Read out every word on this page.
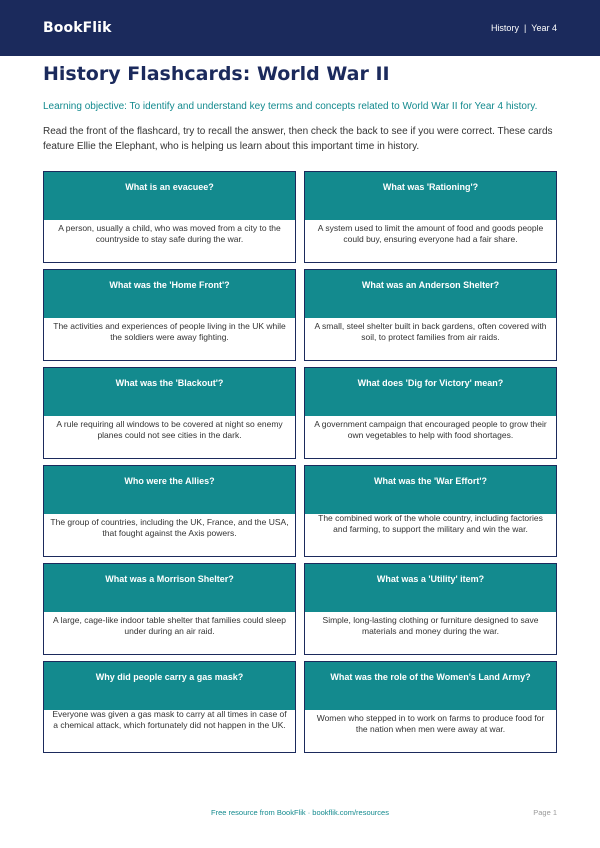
BookFlik	History | Year 4
History Flashcards: World War II

Learning objective: To identify and understand key terms and concepts related to World War II for Year 4 history.

Read the front of the flashcard, try to recall the answer, then check the back to see if you were correct. These cards feature Ellie the Elephant, who is helping us learn about this important time in history.

What is an evacuee?
A person, usually a child, who was moved from a city to the countryside to stay safe during the war.
What was 'Rationing'?
A system used to limit the amount of food and goods people could buy, ensuring everyone had a fair share.
What was the 'Home Front'?
The activities and experiences of people living in the UK while the soldiers were away fighting.
What was an Anderson Shelter?
A small, steel shelter built in back gardens, often covered with soil, to protect families from air raids.
What was the 'Blackout'?
A rule requiring all windows to be covered at night so enemy planes could not see cities in the dark.
What does 'Dig for Victory' mean?
A government campaign that encouraged people to grow their own vegetables to help with food shortages.
Who were the Allies?
The group of countries, including the UK, France, and the USA, that fought against the Axis powers.
What was the 'War Effort'?
The combined work of the whole country, including factories and farming, to support the military and win the war.
What was a Morrison Shelter?
A large, cage-like indoor table shelter that families could sleep under during an air raid.
What was a 'Utility' item?
Simple, long-lasting clothing or furniture designed to save materials and money during the war.
Why did people carry a gas mask?
Everyone was given a gas mask to carry at all times in case of a chemical attack, which fortunately did not happen in the UK.
What was the role of the Women's Land Army?
Women who stepped in to work on farms to produce food for the nation when men were away at war.
Free resource from BookFlik · bookflik.com/resources	Page 1
